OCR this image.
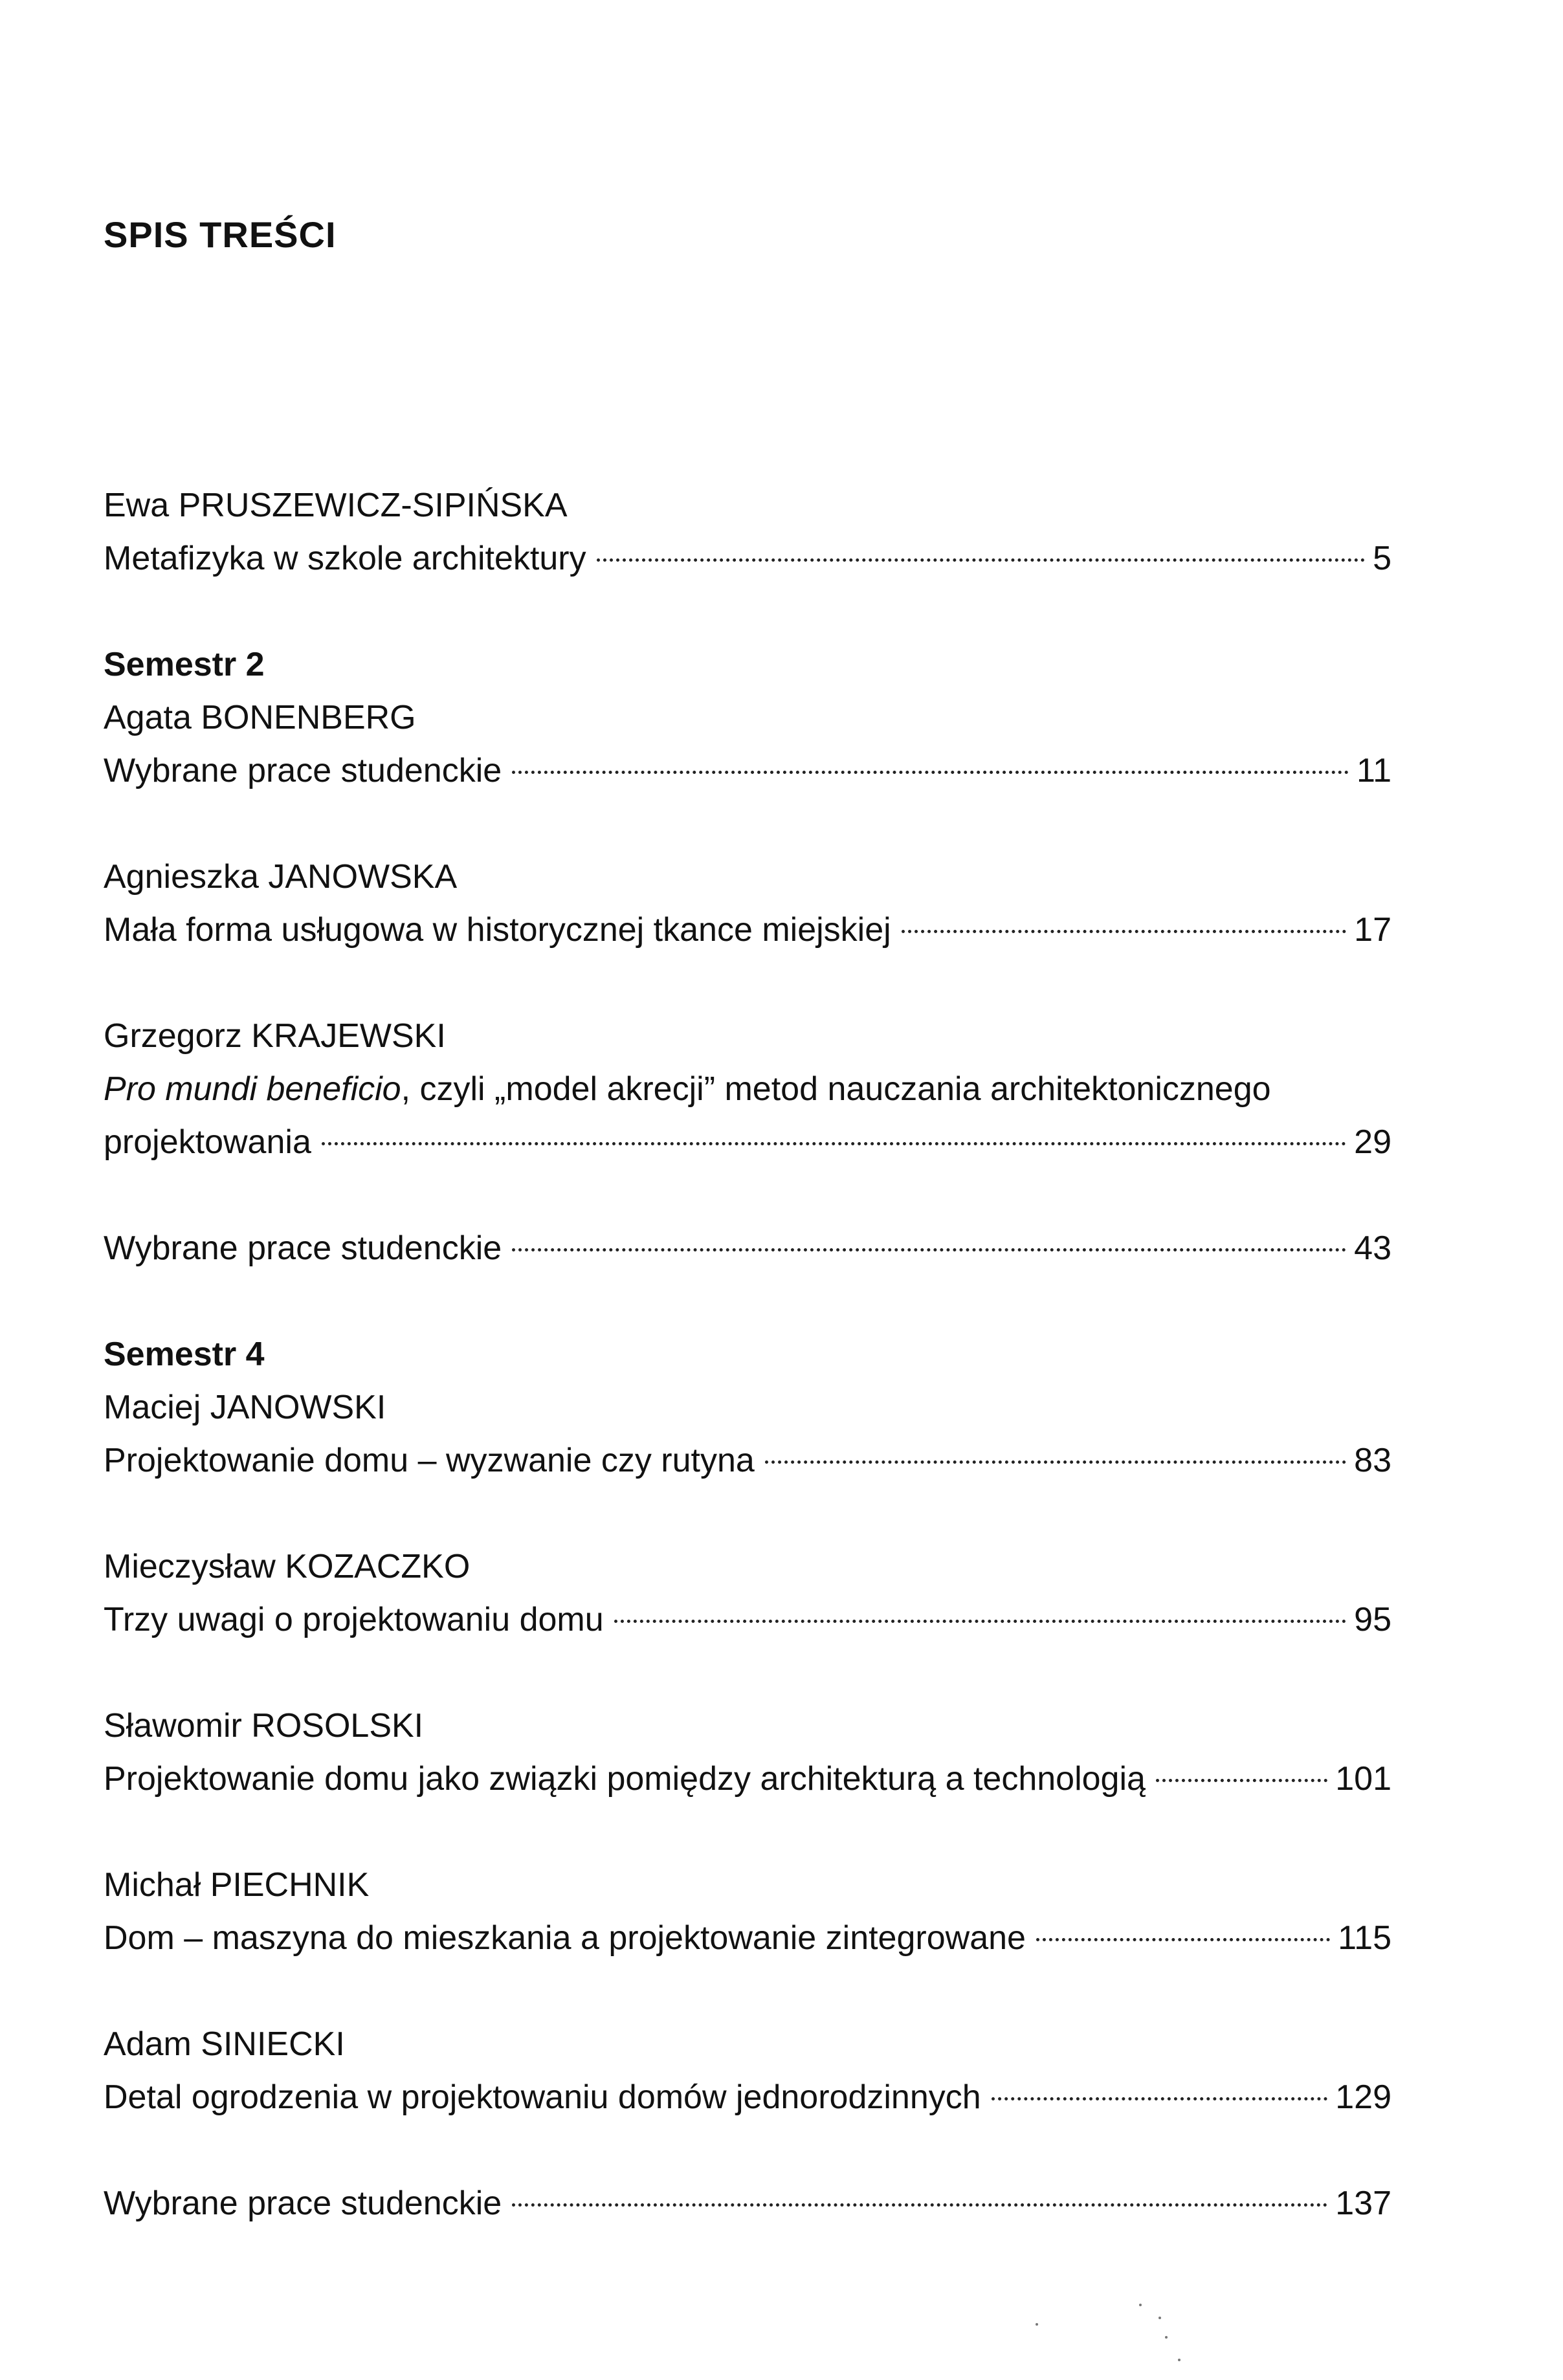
SPIS TREŚCI
Ewa PRUSZEWICZ-SIPIŃSKA
Metafizyka w szkole architektury	5
Semestr 2
Agata BONENBERG
Wybrane prace studenckie	11
Agnieszka JANOWSKA
Mała forma usługowa w historycznej tkance miejskiej	17
Grzegorz KRAJEWSKI
Pro mundi beneficio, czyli „model akrecji” metod nauczania architektonicznego
projektowania	29
Wybrane prace studenckie	43
Semestr 4
Maciej JANOWSKI
Projektowanie domu – wyzwanie czy rutyna	83
Mieczysław KOZACZKO
Trzy uwagi o projektowaniu domu	95
Sławomir ROSOLSKI
Projektowanie domu jako związki pomiędzy architekturą a technologią	101
Michał PIECHNIK
Dom – maszyna do mieszkania a projektowanie zintegrowane	115
Adam SINIECKI
Detal ogrodzenia w projektowaniu domów jednorodzinnych	129
Wybrane prace studenckie	137
